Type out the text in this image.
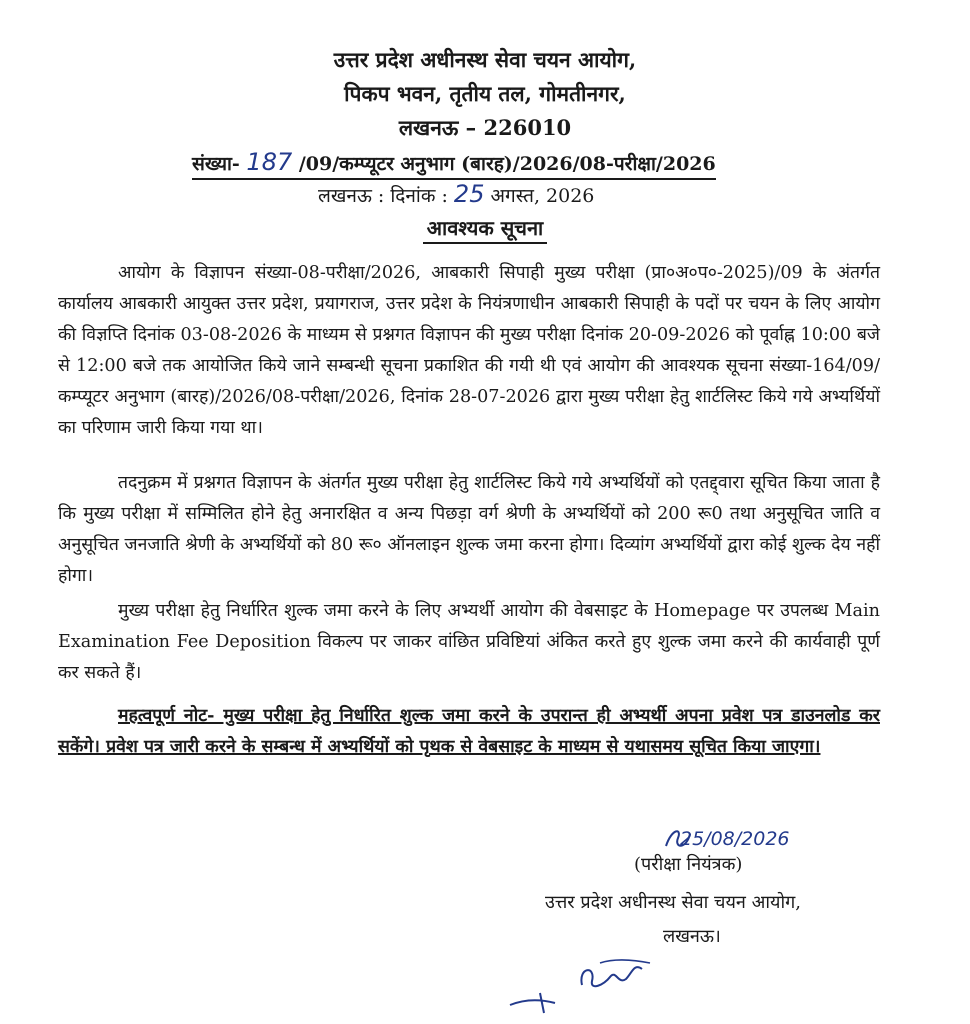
उत्तर प्रदेश अधीनस्थ सेवा चयन आयोग,
पिकप भवन, तृतीय तल, गोमतीनगर,
लखनऊ – 226010
संख्या- 187 /09/कम्प्यूटर अनुभाग (बारह)/2026/08-परीक्षा/2026
लखनऊ : दिनांक : 25 अगस्त, 2026
आवश्यक सूचना
आयोग के विज्ञापन संख्या-08-परीक्षा/2026, आबकारी सिपाही मुख्य परीक्षा (प्रा०अ०प०-2025)/09 के अंतर्गत कार्यालय आबकारी आयुक्त उत्तर प्रदेश, प्रयागराज, उत्तर प्रदेश के नियंत्रणाधीन आबकारी सिपाही के पदों पर चयन के लिए आयोग की विज्ञप्ति दिनांक 03-08-2026 के माध्यम से प्रश्नगत विज्ञापन की मुख्य परीक्षा दिनांक 20-09-2026 को पूर्वाह्न 10:00 बजे से 12:00 बजे तक आयोजित किये जाने सम्बन्धी सूचना प्रकाशित की गयी थी एवं आयोग की आवश्यक सूचना संख्या-164/09/कम्प्यूटर अनुभाग (बारह)/2026/08-परीक्षा/2026, दिनांक 28-07-2026 द्वारा मुख्य परीक्षा हेतु शार्टलिस्ट किये गये अभ्यर्थियों का परिणाम जारी किया गया था।
तदनुक्रम में प्रश्नगत विज्ञापन के अंतर्गत मुख्य परीक्षा हेतु शार्टलिस्ट किये गये अभ्यर्थियों को एतद्द्वारा सूचित किया जाता है कि मुख्य परीक्षा में सम्मिलित होने हेतु अनारक्षित व अन्य पिछड़ा वर्ग श्रेणी के अभ्यर्थियों को 200 रू0 तथा अनुसूचित जाति व अनुसूचित जनजाति श्रेणी के अभ्यर्थियों को 80 रू० ऑनलाइन शुल्क जमा करना होगा। दिव्यांग अभ्यर्थियों द्वारा कोई शुल्क देय नहीं होगा।
मुख्य परीक्षा हेतु निर्धारित शुल्क जमा करने के लिए अभ्यर्थी आयोग की वेबसाइट के Homepage पर उपलब्ध Main Examination Fee Deposition विकल्प पर जाकर वांछित प्रविष्टियां अंकित करते हुए शुल्क जमा करने की कार्यवाही पूर्ण कर सकते हैं।
महत्वपूर्ण नोट- मुख्य परीक्षा हेतु निर्धारित शुल्क जमा करने के उपरान्त ही अभ्यर्थी अपना प्रवेश पत्र डाउनलोड कर सकेंगे। प्रवेश पत्र जारी करने के सम्बन्ध में अभ्यर्थियों को पृथक से वेबसाइट के माध्यम से यथासमय सूचित किया जाएगा।
25/08/2026
(परीक्षा नियंत्रक)
उत्तर प्रदेश अधीनस्थ सेवा चयन आयोग,
लखनऊ।
